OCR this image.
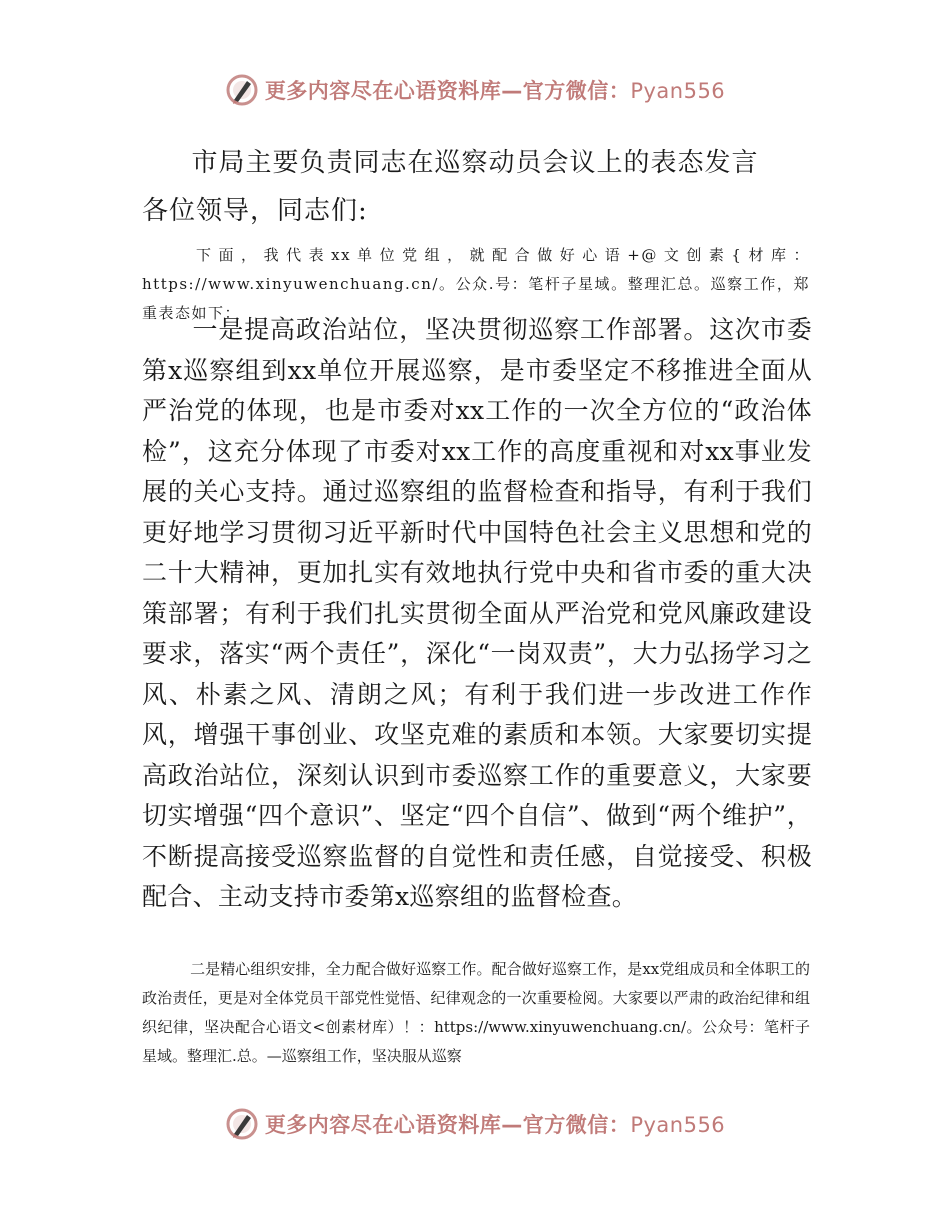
更多内容尽在心语资料库—官方微信：Pyan556
市局主要负责同志在巡察动员会议上的表态发言
各位领导，同志们:
下面，我代表xx单位党组，就配合做好心语+@文创素{材库：https://www.xinyuwenchuang.cn/。公众.号：笔杆子星域。整理汇总。巡察工作，郑重表态如下：
一是提高政治站位，坚决贯彻巡察工作部署。这次市委第x巡察组到xx单位开展巡察，是市委坚定不移推进全面从严治党的体现，也是市委对xx工作的一次全方位的“政治体检”，这充分体现了市委对xx工作的高度重视和对xx事业发展的关心支持。通过巡察组的监督检查和指导，有利于我们更好地学习贯彻习近平新时代中国特色社会主义思想和党的二十大精神，更加扎实有效地执行党中央和省市委的重大决策部署；有利于我们扎实贯彻全面从严治党和党风廉政建设要求，落实“两个责任”，深化“一岗双责”，大力弘扬学习之风、朴素之风、清朗之风；有利于我们进一步改进工作作风，增强干事创业、攻坚克难的素质和本领。大家要切实提高政治站位，深刻认识到市委巡察工作的重要意义，大家要切实增强“四个意识”、坚定“四个自信”、做到“两个维护”，不断提高接受巡察监督的自觉性和责任感，自觉接受、积极配合、主动支持市委第x巡察组的监督检查。
二是精心组织安排，全力配合做好巡察工作。配合做好巡察工作，是xx党组成员和全体职工的政治责任，更是对全体党员干部党性觉悟、纪律观念的一次重要检阅。大家要以严肃的政治纪律和组织纪律，坚决配合心语文<创素材库）！：https://www.xinyuwenchuang.cn/。公众号：笔杆子星域。整理汇.总。—巡察组工作，坚决服从巡察
更多内容尽在心语资料库—官方微信：Pyan556
